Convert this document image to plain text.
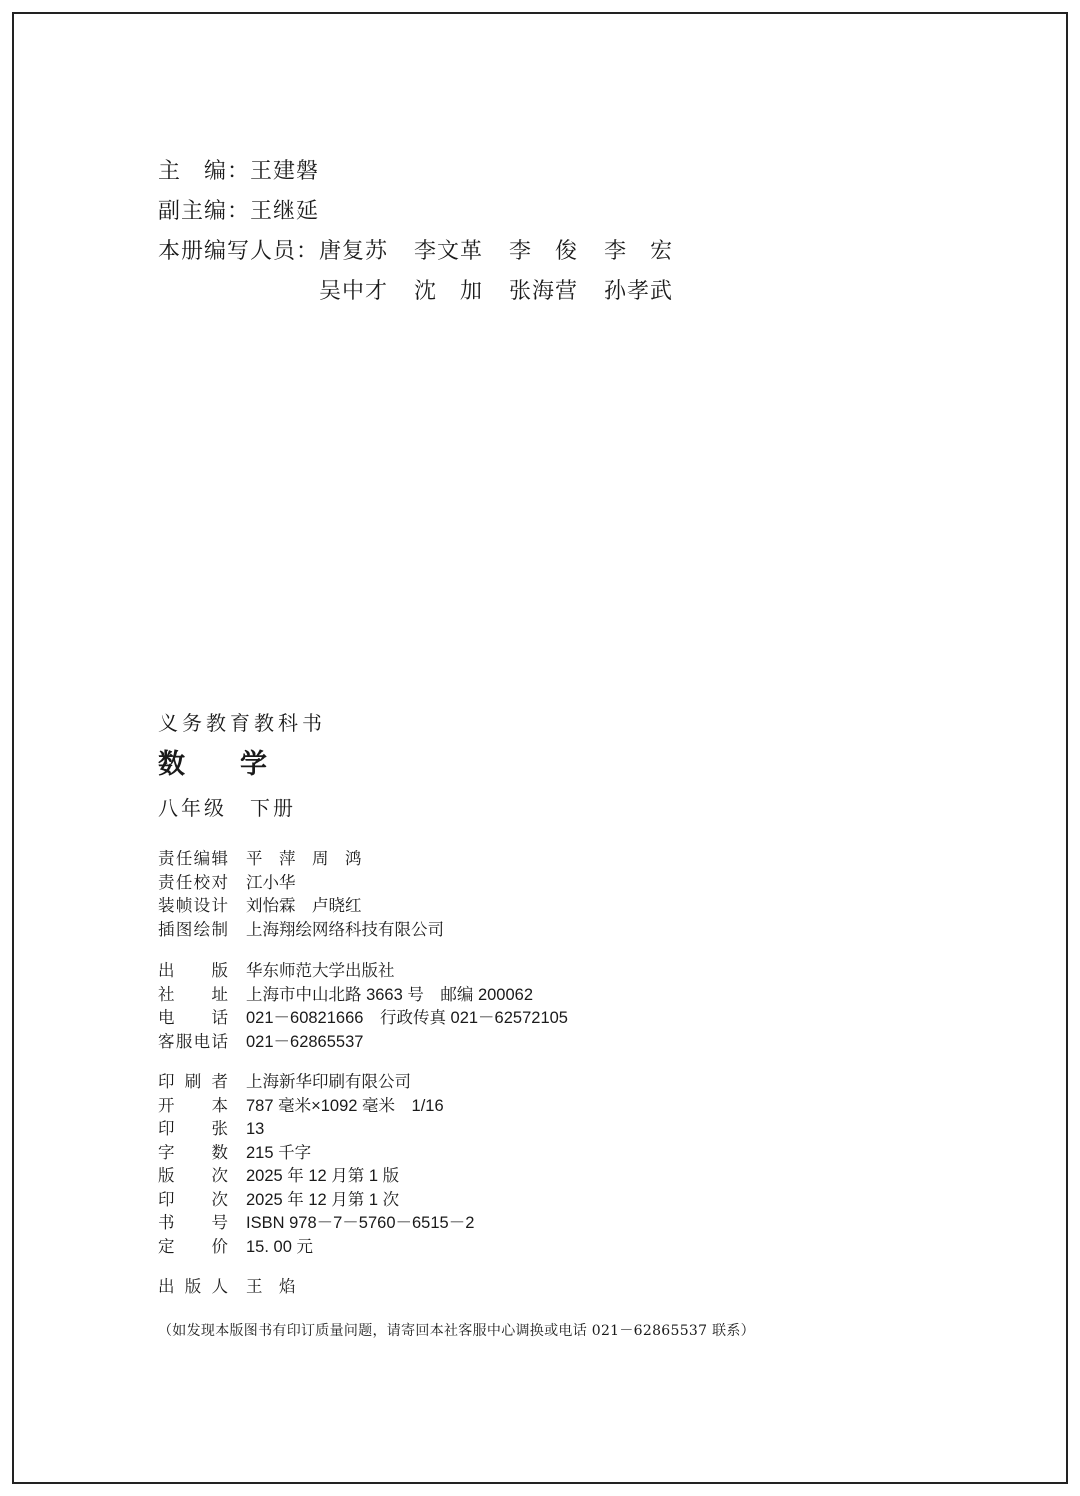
主　编： 王建磐
副主编： 王继延
本册编写人员： 唐复苏 李文革 李　俊 李　宏
吴中才 沈　加 张海营 孙孝武
义务教育教科书
数　学
八年级　下册
责任编辑 平　萍　周　鸿
责任校对 江小华
装帧设计 刘怡霖　卢晓红
插图绘制 上海翔绘网络科技有限公司
出　版 华东师范大学出版社
社　址 上海市中山北路 3663 号　邮编 200062
电　话 021－60821666　行政传真 021－62572105
客服电话 021－62865537
印刷者 上海新华印刷有限公司
开　本 787 毫米×1092 毫米　1/16
印　张 13
字　数 215 千字
版　次 2025 年 12 月第 1 版
印　次 2025 年 12 月第 1 次
书　号 ISBN 978－7－5760－6515－2
定　价 15. 00 元
出版人 王　焰
（如发现本版图书有印订质量问题，请寄回本社客服中心调换或电话 021－62865537 联系）
